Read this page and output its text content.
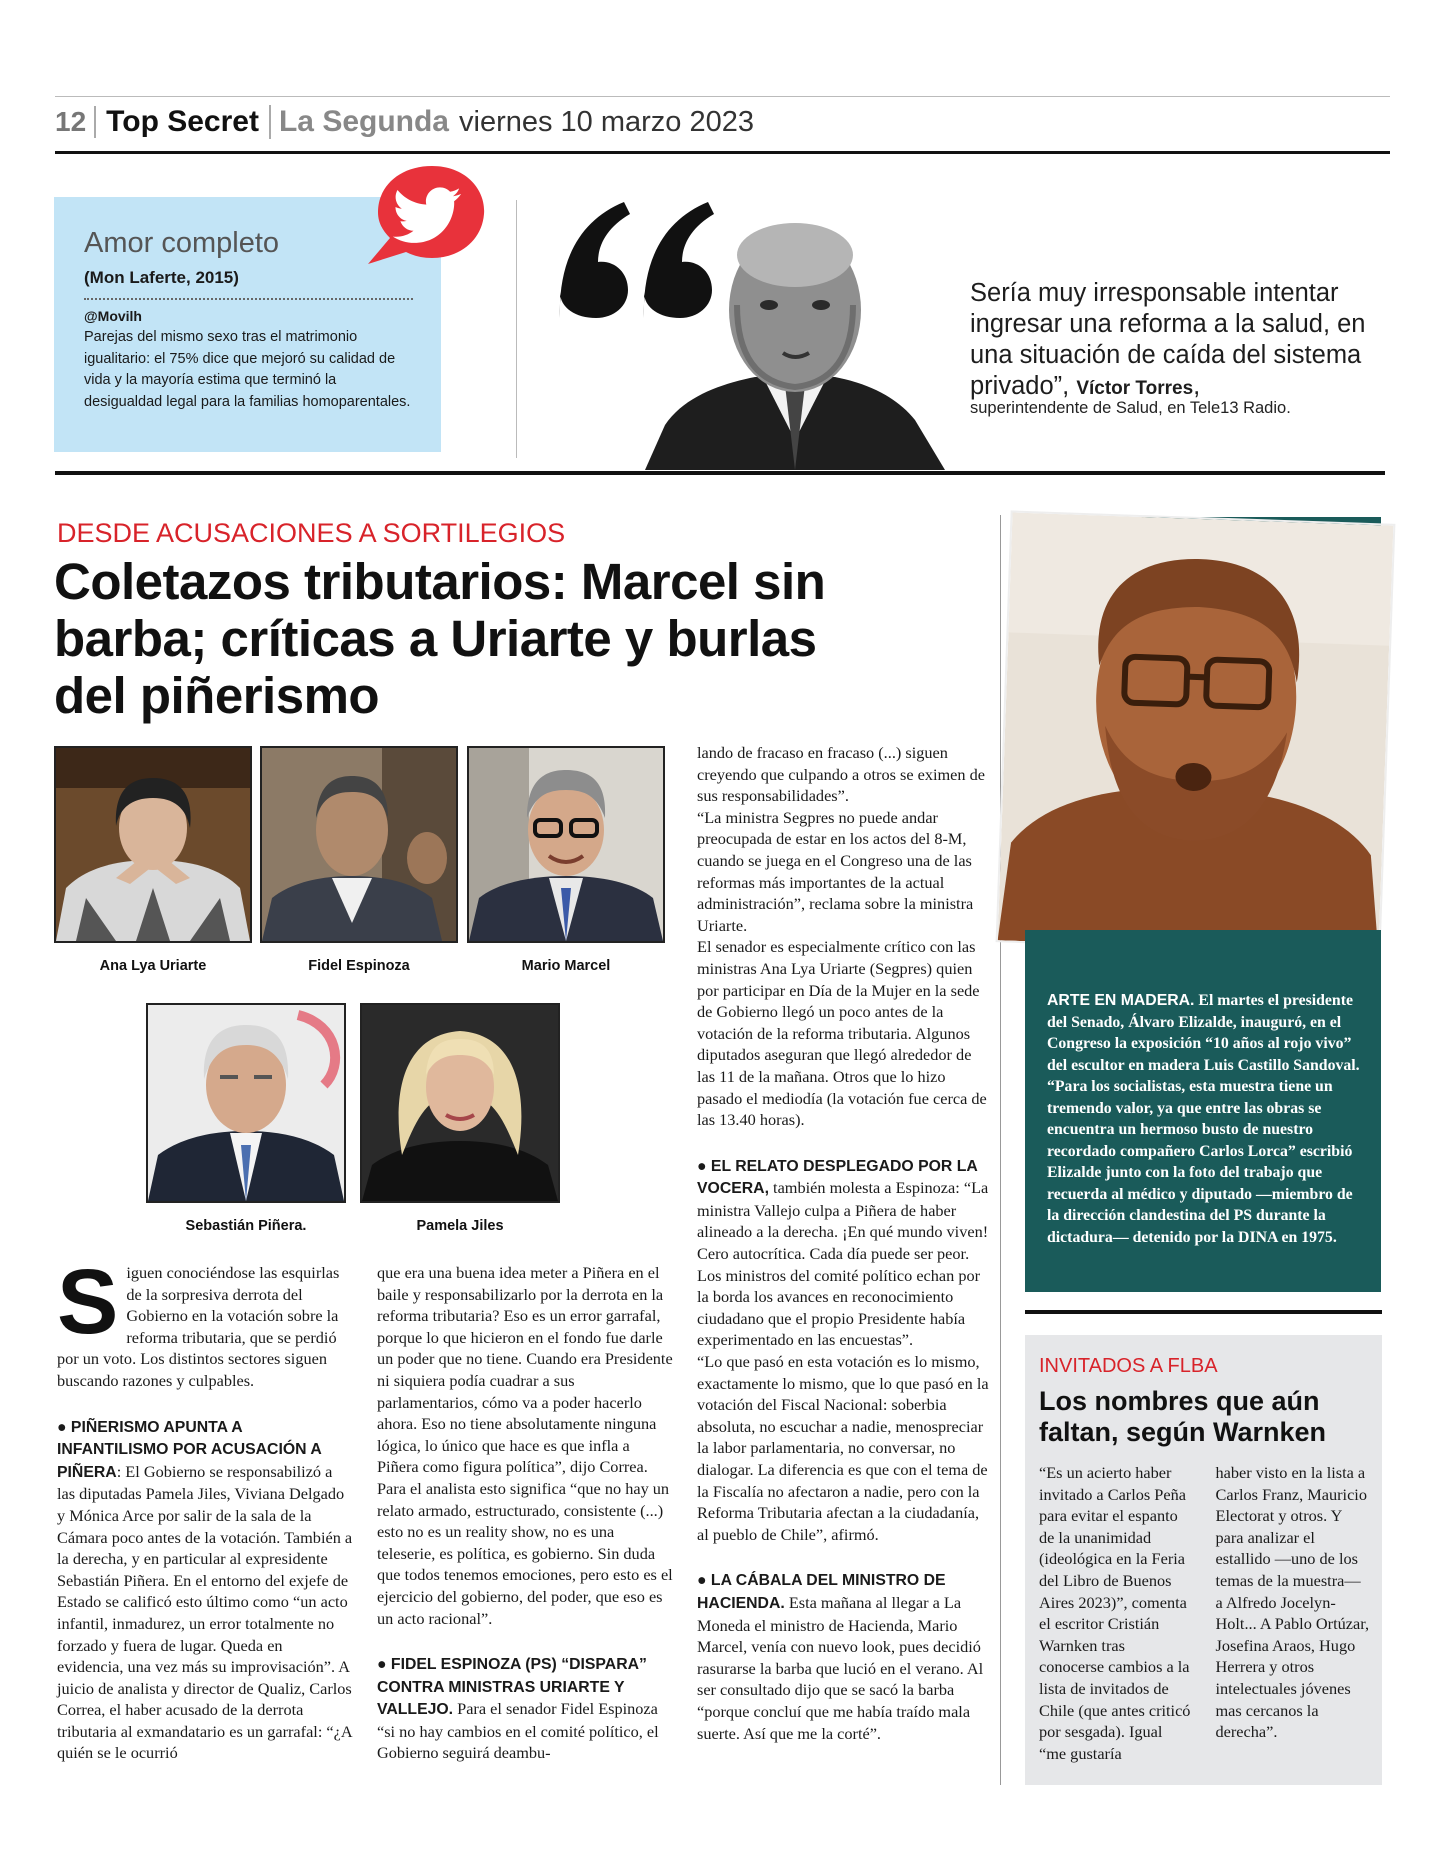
12 Top Secret La Segunda viernes 10 marzo 2023
Amor completo
(Mon Laferte, 2015)
@Movilh
Parejas del mismo sexo tras el matrimonio igualitario: el 75% dice que mejoró su calidad de vida y la mayoría estima que terminó la desigualdad legal para la familias homoparentales.
Sería muy irresponsable intentar ingresar una reforma a la salud, en una situación de caída del sistema privado”, Víctor Torres,
superintendente de Salud, en Tele13 Radio.
DESDE ACUSACIONES A SORTILEGIOS
Coletazos tributarios: Marcel sin barba; críticas a Uriarte y burlas del piñerismo
Ana Lya Uriarte	Fidel Espinoza	Mario Marcel
Sebastián Piñera.	Pamela Jiles
S iguen conociéndose las esquirlas de la sorpresiva derrota del Gobierno en la votación sobre la reforma tributaria, que se perdió por un voto. Los distintos sectores siguen buscando razones y culpables.

● PIÑERISMO APUNTA A INFANTILISMO POR ACUSACIÓN A PIÑERA: El Gobierno se responsabilizó a las diputadas Pamela Jiles, Viviana Delgado y Mónica Arce por salir de la sala de la Cámara poco antes de la votación. También a la derecha, y en particular al expresidente Sebastián Piñera. En el entorno del exjefe de Estado se calificó esto último como “un acto infantil, inmadurez, un error totalmente no forzado y fuera de lugar. Queda en evidencia, una vez más su improvisación”. A juicio de analista y director de Qualiz, Carlos Correa, el haber acusado de la derrota tributaria al exmandatario es un garrafal: “¿A quién se le ocurrió

que era una buena idea meter a Piñera en el baile y responsabilizarlo por la derrota en la reforma tributaria? Eso es un error garrafal, porque lo que hicieron en el fondo fue darle un poder que no tiene. Cuando era Presidente ni siquiera podía cuadrar a sus parlamentarios, cómo va a poder hacerlo ahora. Eso no tiene absolutamente ninguna lógica, lo único que hace es que infla a Piñera como figura política”, dijo Correa.

Para el analista esto significa “que no hay un relato armado, estructurado, consistente (...) esto no es un reality show, no es una teleserie, es política, es gobierno. Sin duda que todos tenemos emociones, pero esto es el ejercicio del gobierno, del poder, que eso es un acto racional”.

● FIDEL ESPINOZA (PS) “DISPARA” CONTRA MINISTRAS URIARTE Y VALLEJO. Para el senador Fidel Espinoza “si no hay cambios en el comité político, el Gobierno seguirá deambu-

lando de fracaso en fracaso (...) siguen creyendo que culpando a otros se eximen de sus responsabilidades”.

“La ministra Segpres no puede andar preocupada de estar en los actos del 8-M, cuando se juega en el Congreso una de las reformas más importantes de la actual administración”, reclama sobre la ministra Uriarte.

El senador es especialmente crítico con las ministras Ana Lya Uriarte (Segpres) quien por participar en Día de la Mujer en la sede de Gobierno llegó un poco antes de la votación de la reforma tributaria. Algunos diputados aseguran que llegó alrededor de las 11 de la mañana. Otros que lo hizo pasado el mediodía (la votación fue cerca de las 13.40 horas).

● EL RELATO DESPLEGADO POR LA VOCERA, también molesta a Espinoza: “La ministra Vallejo culpa a Piñera de haber alineado a la derecha. ¡En qué mundo viven! Cero autocrítica. Cada día puede ser peor. Los ministros del comité político echan por la borda los avances en reconocimiento ciudadano que el propio Presidente había experimentado en las encuestas”.

“Lo que pasó en esta votación es lo mismo, exactamente lo mismo, que lo que pasó en la votación del Fiscal Nacional: soberbia absoluta, no escuchar a nadie, menospreciar la labor parlamentaria, no conversar, no dialogar. La diferencia es que con el tema de la Fiscalía no afectaron a nadie, pero con la Reforma Tributaria afectan a la ciudadanía, al pueblo de Chile”, afirmó.

● LA CÁBALA DEL MINISTRO DE HACIENDA. Esta mañana al llegar a La Moneda el ministro de Hacienda, Mario Marcel, venía con nuevo look, pues decidió rasurarse la barba que lució en el verano. Al ser consultado dijo que se sacó la barba “porque concluí que me había traído mala suerte. Así que me la corté”.

ARTE EN MADERA. El martes el presidente del Senado, Álvaro Elizalde, inauguró, en el Congreso la exposición “10 años al rojo vivo” del escultor en madera Luis Castillo Sandoval. “Para los socialistas, esta muestra tiene un tremendo valor, ya que entre las obras se encuentra un hermoso busto de nuestro recordado compañero Carlos Lorca” escribió Elizalde junto con la foto del trabajo que recuerda al médico y diputado —miembro de la dirección clandestina del PS durante la dictadura— detenido por la DINA en 1975.

INVITADOS A FLBA
Los nombres que aún faltan, según Warnken

“Es un acierto haber invitado a Carlos Peña para evitar el espanto de la unanimidad (ideológica en la Feria del Libro de Buenos Aires 2023)”, comenta el escritor Cristián Warnken tras conocerse cambios a la lista de invitados de Chile (que antes criticó por sesgada). Igual “me gustaría

haber visto en la lista a Carlos Franz, Mauricio Electorat y otros. Y para analizar el estallido —uno de los temas de la muestra— a Alfredo Jocelyn-Holt... A Pablo Ortúzar, Josefina Araos, Hugo Herrera y otros intelectuales jóvenes mas cercanos la derecha”.
